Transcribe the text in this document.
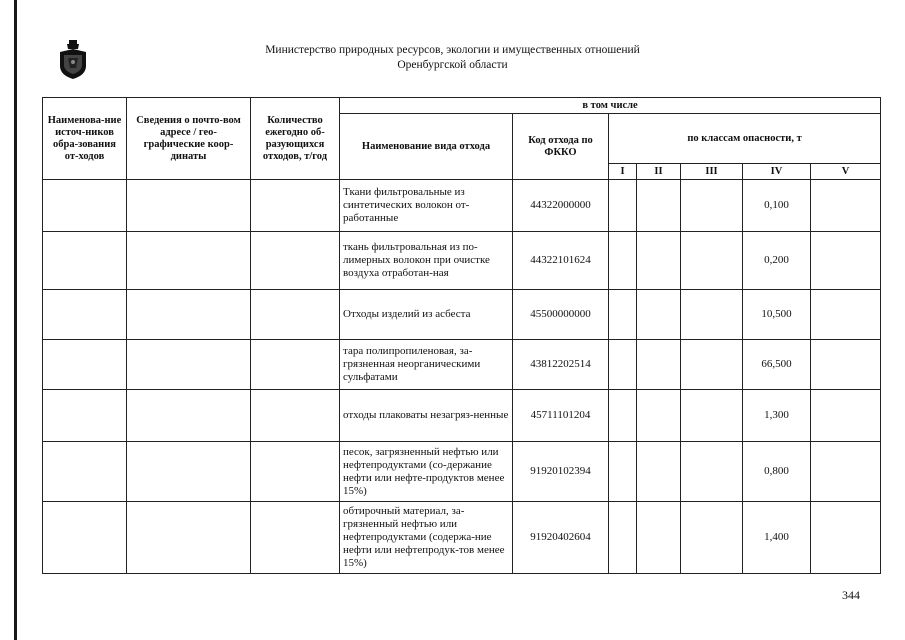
Министерство природных ресурсов, экологии и имущественных отношений
Оренбургской области
Наименова-ние источ-ников обра-зования от-ходов	Сведения о почто-вом адресе / гео-графические коор-динаты	Количество ежегодно об-разующихся отходов, т/год	в том числе						
			Наименование вида отхода	Код отхода по ФККО	по классам опасности, т				
					I	II	III	IV	V
			Ткани фильтровальные из синтетических волокон от-работанные	44322000000				0,100	
			ткань фильтровальная из по-лимерных волокон при очистке воздуха отработан-ная	44322101624				0,200	
			Отходы изделий из асбеста	45500000000				10,500	
			тара полипропиленовая, за-грязненная неорганическими сульфатами	43812202514				66,500	
			отходы плаковаты незагряз-ненные	45711101204				1,300	
			песок, загрязненный нефтью или нефтепродуктами (со-держание нефти или нефте-продуктов менее 15%)	91920102394				0,800	
			обтирочный материал, за-грязненный нефтью или нефтепродуктами (содержа-ние нефти или нефтепродук-тов менее 15%)	91920402604				1,400	
344
